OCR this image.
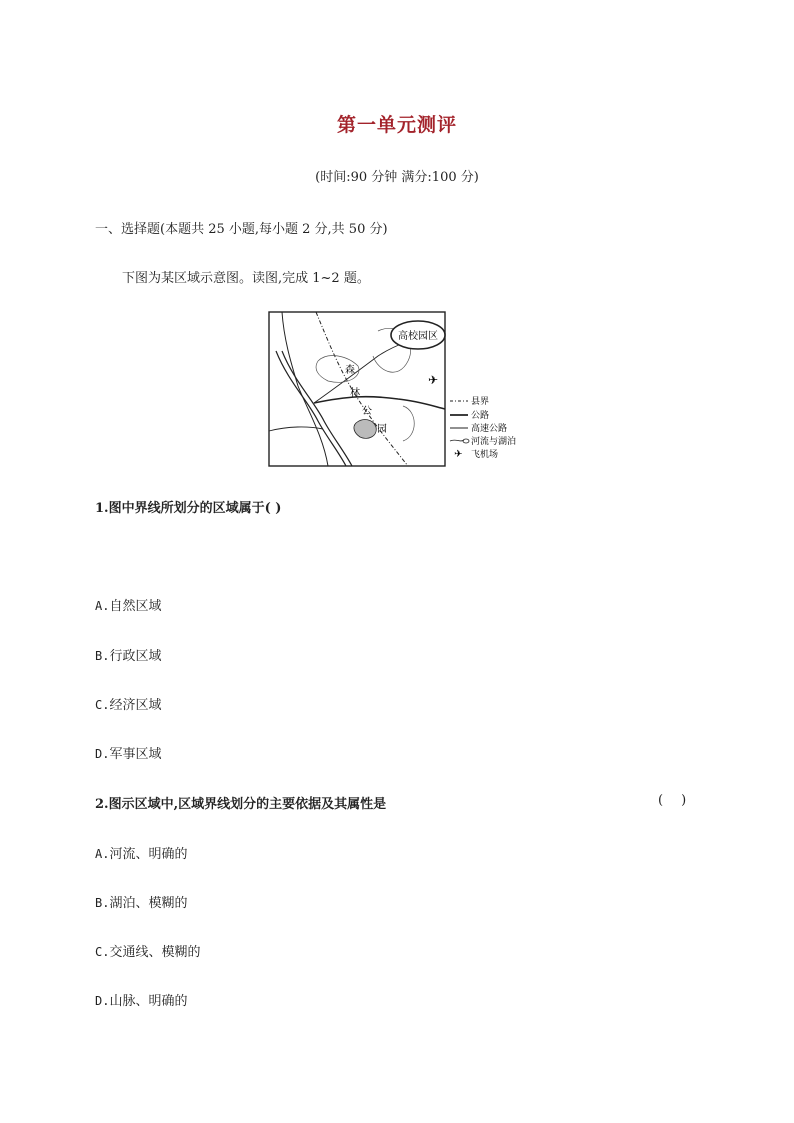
第一单元测评
(时间:90 分钟 满分:100 分)
一、选择题(本题共 25 小题,每小题 2 分,共 50 分)
下图为某区域示意图。读图,完成 1~2 题。
高校园区
森
林
公
园
✈
县界
公路
高速公路
河流与湖泊
✈ 飞机场
1.图中界线所划分的区域属于( )
A.自然区域
B.行政区域
C.经济区域
D.军事区域
2.图示区域中,区域界线划分的主要依据及其属性是	()
A.河流、明确的
B.湖泊、模糊的
C.交通线、模糊的
D.山脉、明确的
